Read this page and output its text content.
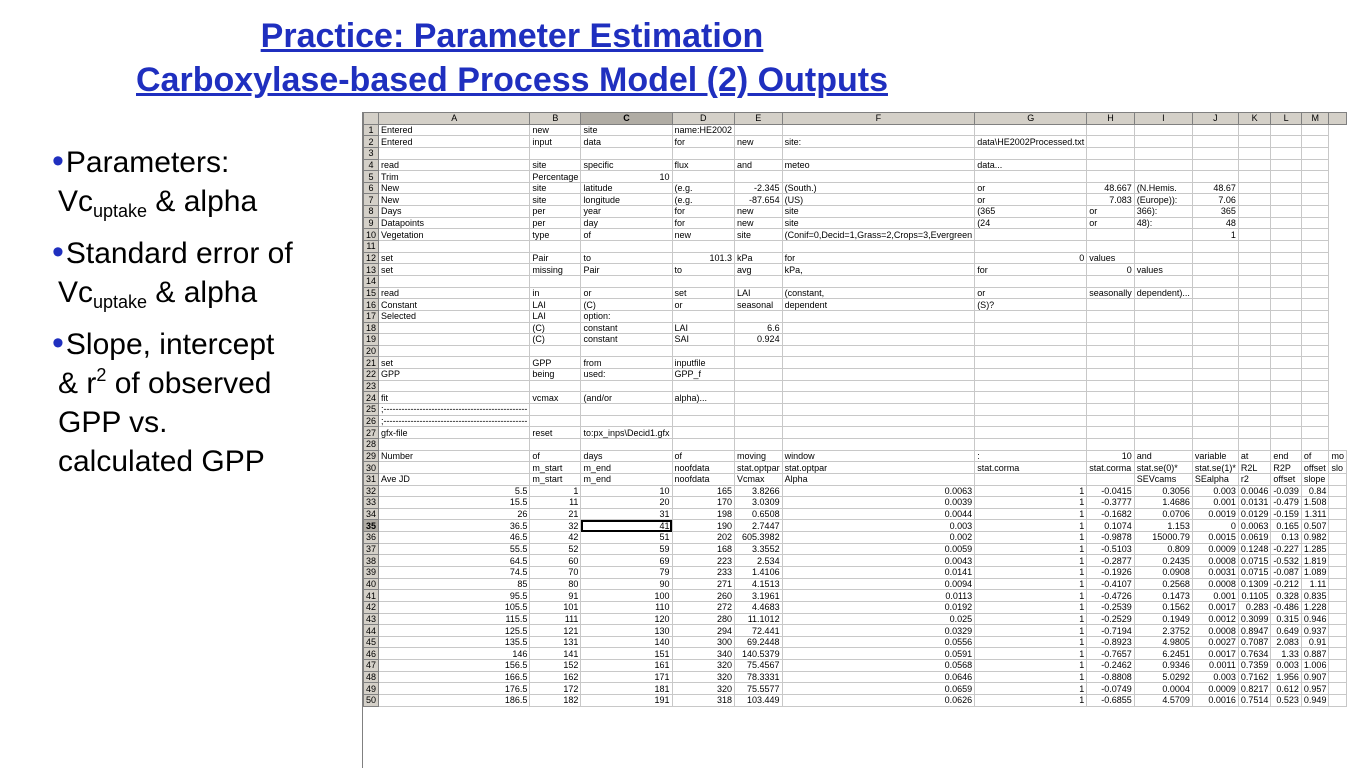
Practice: Parameter Estimation
Carboxylase-based Process Model (2) Outputs
•Parameters:
$Vc_{uptake}$ & alpha
•Standard error of
$Vc_{uptake}$ & alpha
•Slope, intercept
& $r^2$ of observed
GPP vs.
calculated GPP
	A	B	C	D	E	F	G	H	I	J	K	L	M	
1	Entered	new	site	name:HE2002										
2	Entered	input	data	for	new	site:	data\HE2002Processed.txt							
3														
4	read	site	specific	flux	and	meteo	data...							
5	Trim	Percentage	10											
6	New	site	latitude	(e.g.	-2.345	(South.)	or	48.667	(N.Hemis.	48.67				
7	New	site	longitude	(e.g.	-87.654	(US)	or	7.083	(Europe)):	7.06				
8	Days	per	year	for	new	site	(365	or	366):	365				
9	Datapoints	per	day	for	new	site	(24	or	48):	48				
10	Vegetation	type	of	new	site	(Conif=0,Decid=1,Grass=2,Crops=3,Evergreen				1				
11														
12	set	Pair	to	101.3	kPa	for	0	values						
13	set	missing	Pair	to	avg	kPa,	for	0	values					
14														
15	read	in	or	set	LAI	(constant,	or	seasonally	dependent)...					
16	Constant	LAI	(C)	or	seasonal	dependent	(S)?							
17	Selected	LAI	option:											
18		(C)	constant	LAI	6.6									
19		(C)	constant	SAI	0.924									
20														
21	set	GPP	from	inputfile										
22	GPP	being	used:	GPP_f										
23														
24	fit	vcmax	(and/or	alpha)...										
25	;------------------------------------------------													
26	;------------------------------------------------													
27	gfx-file	reset	to:px_inps\Decid1.gfx											
28														
29	Number	of	days	of	moving	window	:	10	and	variable	at	end	of	mo
30		m_start	m_end	noofdata	stat.optpar	stat.optpar	stat.corma	stat.corma	stat.se(0)*	stat.se(1)*	R2L	R2P	offset	slo
31	Ave JD	m_start	m_end	noofdata	Vcmax	Alpha			SEVcams	SEalpha	r2	offset	slope	
32	5.5	1	10	165	3.8266	0.0063	1	-0.0415	0.3056	0.003	0.0046	-0.039	0.84	
33	15.5	11	20	170	3.0309	0.0039	1	-0.3777	1.4686	0.001	0.0131	-0.479	1.508	
34	26	21	31	198	0.6508	0.0044	1	-0.1682	0.0706	0.0019	0.0129	-0.159	1.311	
35	36.5	32	41	190	2.7447	0.003	1	0.1074	1.153	0	0.0063	0.165	0.507	
36	46.5	42	51	202	605.3982	0.002	1	-0.9878	15000.79	0.0015	0.0619	0.13	0.982	
37	55.5	52	59	168	3.3552	0.0059	1	-0.5103	0.809	0.0009	0.1248	-0.227	1.285	
38	64.5	60	69	223	2.534	0.0043	1	-0.2877	0.2435	0.0008	0.0715	-0.532	1.819	
39	74.5	70	79	233	1.4106	0.0141	1	-0.1926	0.0908	0.0031	0.0715	-0.087	1.089	
40	85	80	90	271	4.1513	0.0094	1	-0.4107	0.2568	0.0008	0.1309	-0.212	1.11	
41	95.5	91	100	260	3.1961	0.0113	1	-0.4726	0.1473	0.001	0.1105	0.328	0.835	
42	105.5	101	110	272	4.4683	0.0192	1	-0.2539	0.1562	0.0017	0.283	-0.486	1.228	
43	115.5	111	120	280	11.1012	0.025	1	-0.2529	0.1949	0.0012	0.3099	0.315	0.946	
44	125.5	121	130	294	72.441	0.0329	1	-0.7194	2.3752	0.0008	0.8947	0.649	0.937	
45	135.5	131	140	300	69.2448	0.0556	1	-0.8923	4.9805	0.0027	0.7087	2.083	0.91	
46	146	141	151	340	140.5379	0.0591	1	-0.7657	6.2451	0.0017	0.7634	1.33	0.887	
47	156.5	152	161	320	75.4567	0.0568	1	-0.2462	0.9346	0.0011	0.7359	0.003	1.006	
48	166.5	162	171	320	78.3331	0.0646	1	-0.8808	5.0292	0.003	0.7162	1.956	0.907	
49	176.5	172	181	320	75.5577	0.0659	1	-0.0749	0.0004	0.0009	0.8217	0.612	0.957	
50	186.5	182	191	318	103.449	0.0626	1	-0.6855	4.5709	0.0016	0.7514	0.523	0.949	
